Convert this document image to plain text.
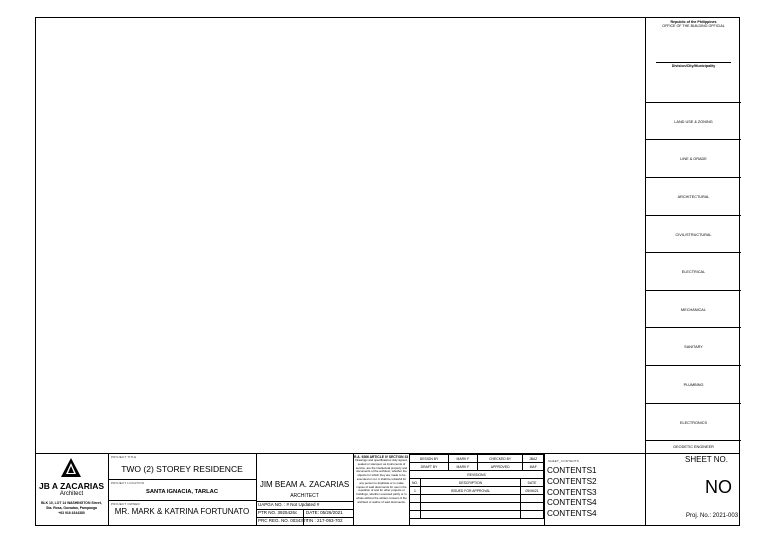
Republic of the Philippines
OFFICE OF THE BUILDING OFFICIAL
Division/City/Municipality
LAND USE & ZONING
LINE & GRADE
ARCHITECTURAL
CIVIL/STRUCTURAL
ELECTRICAL
MECHANICAL
SANITARY
PLUMBING
ELECTRONICS
GEODETIC ENGINEER
JB A ZACARIAS
Architect
BLK 10, LOT 14 WASHINGTON Street,
Sta. Rosa, Gueadan, Pampanga
+63 916 4344380
PROJECT TITLE
TWO (2) STOREY RESIDENCE
PROJECT LOCATION
SANTA IGNACIA, TARLAC
PROJECT OWNER
MR. MARK & KATRINA FORTUNATO
JIM BEAM A. ZACARIAS
ARCHITECT
UAPGA NO. : # Not Updated #
PTR NO. 3925426c DATE: 05/26/2021
PRC REG. NO. 0034307
TIN : 217-093-702
R.A. 9266 ARTICLE IV SECTION 33
Drawings and specifications duly signed, sealed or stamped, as instruments of service, are the intellectual property and documents of the architect, whether the objects for which they are made to be executed or not. It shall be unlawful for any person to duplicate or to make copies of said documents for use in the repetition of and for other projects or buildings, whether executed partly or in whole without the written consent of the architect or author of said documents.
DESIGN BY	MARK F	CHECKED BY	JBAZ
DRAFT BY	MARK F	APPROVED	MAF
REVISIONS		
NO.	DESCRIPTION	DATE
1	ISSUED FOR APPROVAL	05/06/21

SHEET_CONTENTS
CONTENTS1
CONTENTS2
CONTENTS3
CONTENTS4
CONTENTS4
SHEET NO.
NO
Proj. No.: 2021-003
